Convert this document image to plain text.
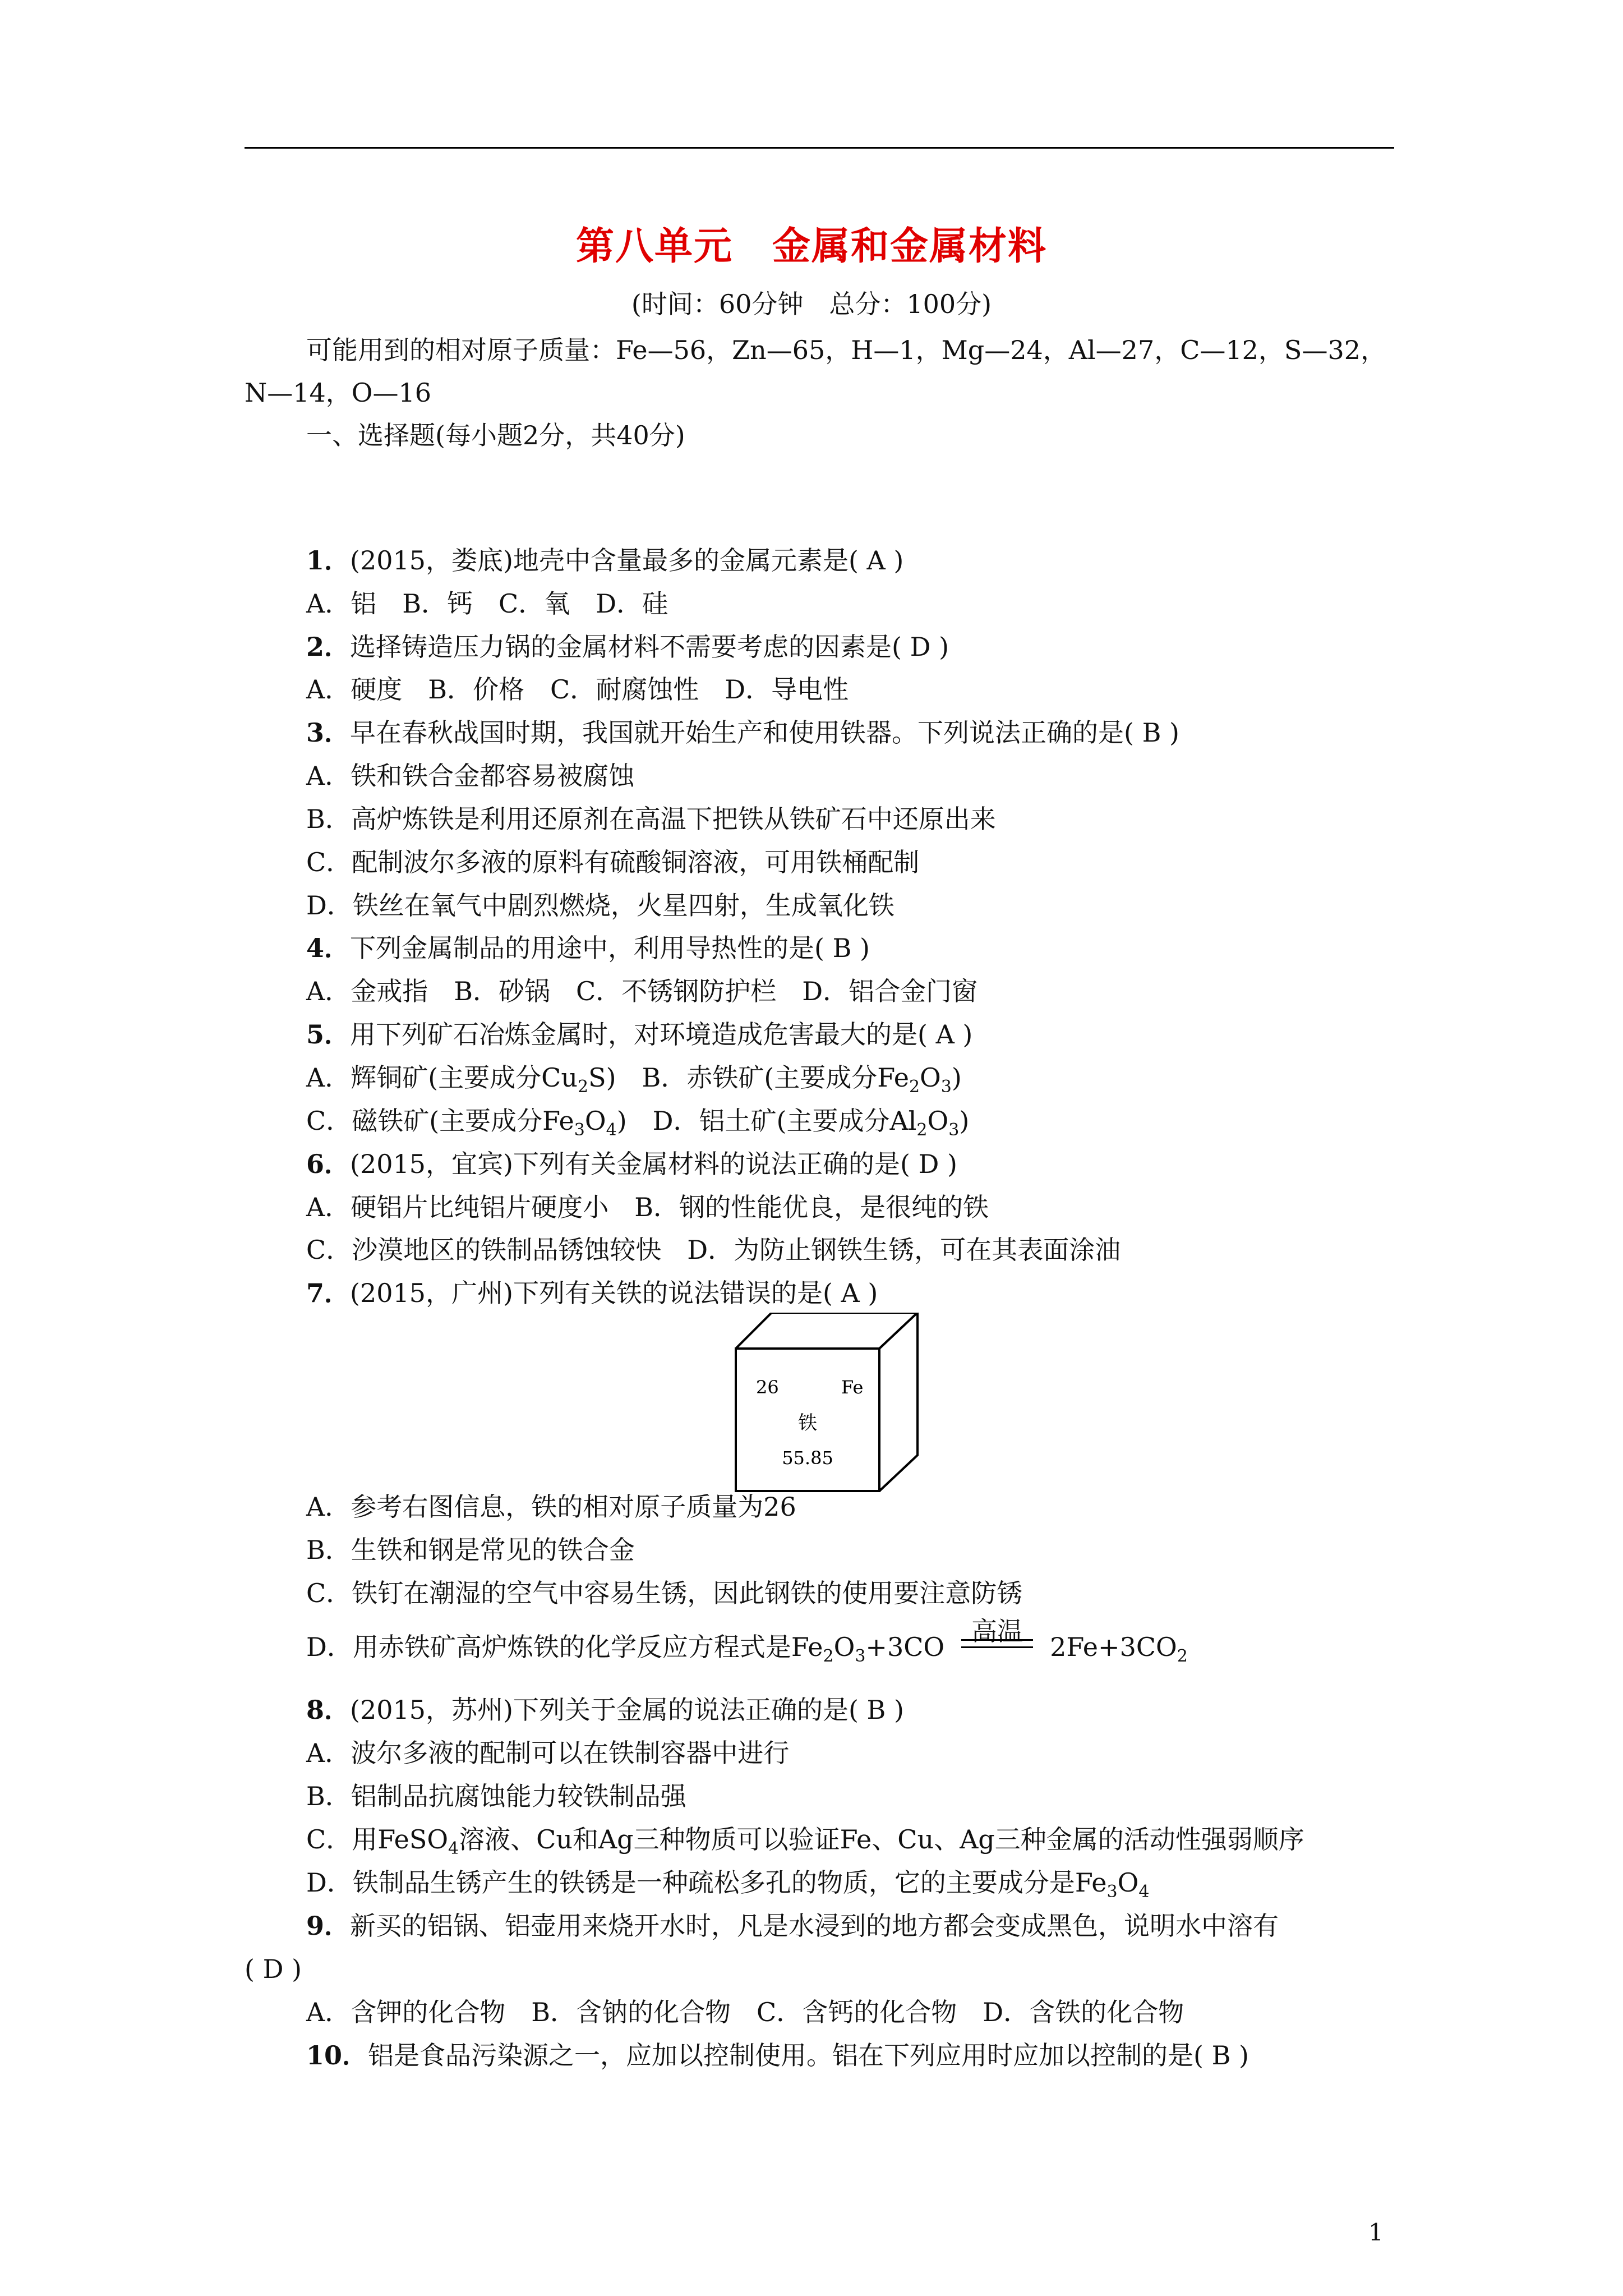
第八单元　金属和金属材料
(时间：60分钟　总分：100分)
可能用到的相对原子质量：Fe—56，Zn—65，H—1，Mg—24，Al—27，C—12，S—32，
N—14，O—16
一、选择题(每小题2分，共40分)
1．(2015，娄底)地壳中含量最多的金属元素是( A )
A．铝　B．钙　C．氧　D．硅
2．选择铸造压力锅的金属材料不需要考虑的因素是( D )
A．硬度　B．价格　C．耐腐蚀性　D．导电性
3．早在春秋战国时期，我国就开始生产和使用铁器。下列说法正确的是( B )
A．铁和铁合金都容易被腐蚀
B．高炉炼铁是利用还原剂在高温下把铁从铁矿石中还原出来
C．配制波尔多液的原料有硫酸铜溶液，可用铁桶配制
D．铁丝在氧气中剧烈燃烧，火星四射，生成氧化铁
4．下列金属制品的用途中，利用导热性的是( B )
A．金戒指　B．砂锅　C．不锈钢防护栏　D．铝合金门窗
5．用下列矿石冶炼金属时，对环境造成危害最大的是( A )
A．辉铜矿(主要成分$Cu_2S$)　B．赤铁矿(主要成分$Fe_2O_3$)
C．磁铁矿(主要成分$Fe_3O_4$)　D．铝土矿(主要成分$Al_2O_3$)
6．(2015，宜宾)下列有关金属材料的说法正确的是( D )
A．硬铝片比纯铝片硬度小　B．钢的性能优良，是很纯的铁
C．沙漠地区的铁制品锈蚀较快　D．为防止钢铁生锈，可在其表面涂油
7．(2015，广州)下列有关铁的说法错误的是( A )
26	Fe
铁
55.85
A．参考右图信息，铁的相对原子质量为26
B．生铁和钢是常见的铁合金
C．铁钉在潮湿的空气中容易生锈，因此钢铁的使用要注意防锈
D．用赤铁矿高炉炼铁的化学反应方程式是$Fe_2O_3+3CO$
高温
$2Fe+3CO_2$
8．(2015，苏州)下列关于金属的说法正确的是( B )
A．波尔多液的配制可以在铁制容器中进行
B．铝制品抗腐蚀能力较铁制品强
C．用FeSO$_4$溶液、Cu和Ag三种物质可以验证Fe、Cu、Ag三种金属的活动性强弱顺序
D．铁制品生锈产生的铁锈是一种疏松多孔的物质，它的主要成分是$Fe_3O_4$
9．新买的铝锅、铝壶用来烧开水时，凡是水浸到的地方都会变成黑色，说明水中溶有
( D )
A．含钾的化合物　B．含钠的化合物　C．含钙的化合物　D．含铁的化合物
10．铝是食品污染源之一，应加以控制使用。铝在下列应用时应加以控制的是( B )
1
